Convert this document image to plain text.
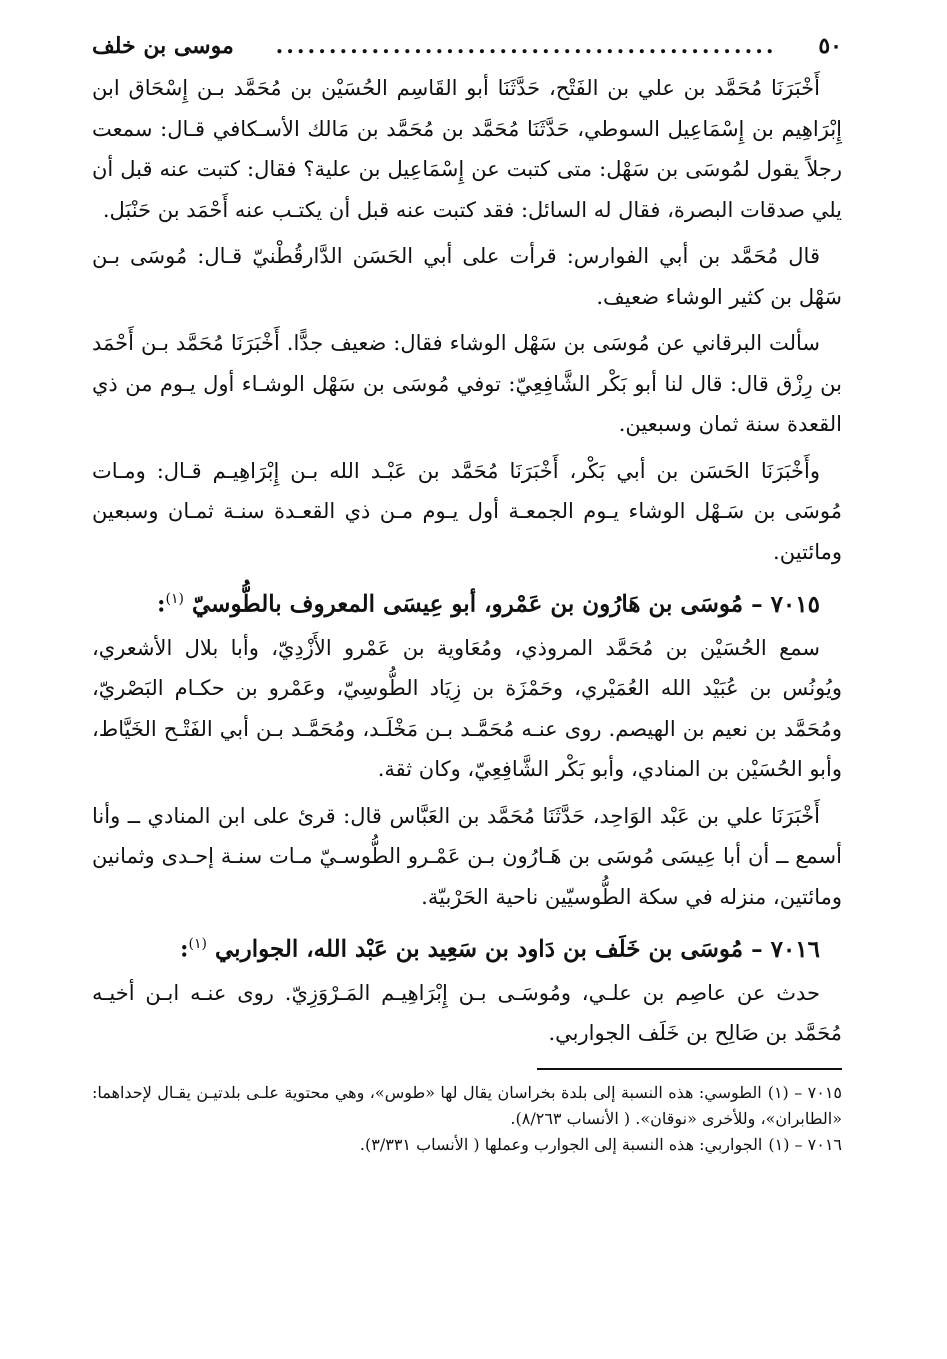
٥٠
...............................................
موسى بن خلف

أَخْبَرَنَا مُحَمَّد بن علي بن الفَتْح، حَدَّثَنَا أبو القَاسِم الحُسَيْن بن مُحَمَّد بـن إِسْحَاق ابن إِبْرَاهِيم بن إِسْمَاعِيل السوطي، حَدَّثَنَا مُحَمَّد بن مُحَمَّد بن مَالك الأسـكافي قـال: سمعت رجلاً يقول لمُوسَى بن سَهْل: متى كتبت عن إِسْمَاعِيل بن علية؟ فقال: كتبت عنه قبل أن يلي صدقات البصرة، فقال له السائل: فقد كتبت عنه قبل أن يكتـب عنه أَحْمَد بن حَنْبَل.

قال مُحَمَّد بن أبي الفوارس: قرأت على أبي الحَسَن الدَّارقُطْنيّ قـال: مُوسَى بـن سَهْل بن كثير الوشاء ضعيف.

سألت البرقاني عن مُوسَى بن سَهْل الوشاء فقال: ضعيف جدًّا. أَخْبَرَنَا مُحَمَّد بـن أَحْمَد بن رِزْق قال: قال لنا أبو بَكْر الشَّافِعِيّ: توفي مُوسَى بن سَهْل الوشـاء أول يـوم من ذي القعدة سنة ثمان وسبعين.

وأَخْبَرَنَا الحَسَن بن أبي بَكْر، أَخْبَرَنَا مُحَمَّد بن عَبْـد الله بـن إِبْرَاهِيـم قـال: ومـات مُوسَى بن سَـهْل الوشاء يـوم الجمعـة أول يـوم مـن ذي القعـدة سنـة ثمـان وسبعين ومائتين.

٧٠١٥–مُوسَى بن هَارُون بن عَمْرو، أبو عِيسَى المعروف بالطُّوسيّ $^{(١)}$:

سمع الحُسَيْن بن مُحَمَّد المروذي، ومُعَاوية بن عَمْرو الأَزْدِيّ، وأبا بلال الأشعري، ويُونُس بن عُبَيْد الله العُمَيْري، وحَمْزَة بن زِيَاد الطُّوسِيّ، وعَمْرو بن حكـام البَصْريّ، ومُحَمَّد بن نعيم بن الهيصم. روى عنـه مُحَمَّـد بـن مَخْلَـد، ومُحَمَّـد بـن أبي الفَتْـح الخَيَّاط، وأبو الحُسَيْن بن المنادي، وأبو بَكْر الشَّافِعِيّ، وكان ثقة.

أَخْبَرَنَا علي بن عَبْد الوَاحِد، حَدَّثَنَا مُحَمَّد بن العَبَّاس قال: قرئ على ابن المنادي ــ وأنا أسمع ــ أن أبا عِيسَى مُوسَى بن هَـارُون بـن عَمْـرو الطُّوسـيّ مـات سنـة إحـدى وثمانين ومائتين، منزله في سكة الطُّوسيّين ناحية الحَرْبيّة.

٧٠١٦–مُوسَى بن خَلَف بن دَاود بن سَعِيد بن عَبْد الله، الجواربي $^{(١)}$:

حدث عن عاصِم بن علـي، ومُوسَـى بـن إِبْرَاهِيـم المَـرْوَزِيّ. روى عنـه ابـن أخيـه مُحَمَّد بن صَالِح بن خَلَف الجواربي.

٧٠١٥ – (١)الطوسي: هذه النسبة إلى بلدة بخراسان يقال لها «طوس»، وهي محتوية علـى بلدتيـن يقـال لإحداهما: «الطابران»، وللأخرى «نوقان». ( الأنساب ٨/٢٦٣).

٧٠١٦ – (١)الجواربي: هذه النسبة إلى الجوارب وعملها ( الأنساب ٣/٣٣١).
